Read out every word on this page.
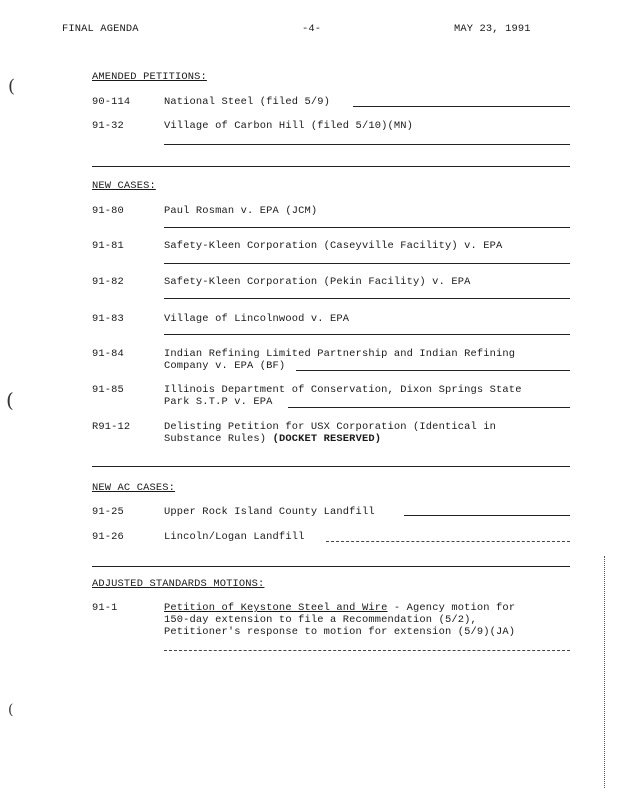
FINAL AGENDA	-4-	MAY 23, 1991
(
(
(
AMENDED PETITIONS:
90-114	National Steel (filed 5/9)
91-32	Village of Carbon Hill (filed 5/10)(MN)
NEW CASES:
91-80	Paul Rosman v. EPA (JCM)
91-81	Safety-Kleen Corporation (Caseyville Facility) v. EPA
91-82	Safety-Kleen Corporation (Pekin Facility) v. EPA
91-83	Village of Lincolnwood v. EPA
91-84	Indian Refining Limited Partnership and Indian Refining
Company v. EPA (BF)
91-85	Illinois Department of Conservation, Dixon Springs State
Park S.T.P v. EPA
R91-12	Delisting Petition for USX Corporation (Identical in
Substance Rules) (DOCKET RESERVED)
NEW AC CASES:
91-25	Upper Rock Island County Landfill
91-26	Lincoln/Logan Landfill
ADJUSTED STANDARDS MOTIONS:
91-1	Petition of Keystone Steel and Wire - Agency motion for
150-day extension to file a Recommendation (5/2),
Petitioner's response to motion for extension (5/9)(JA)
